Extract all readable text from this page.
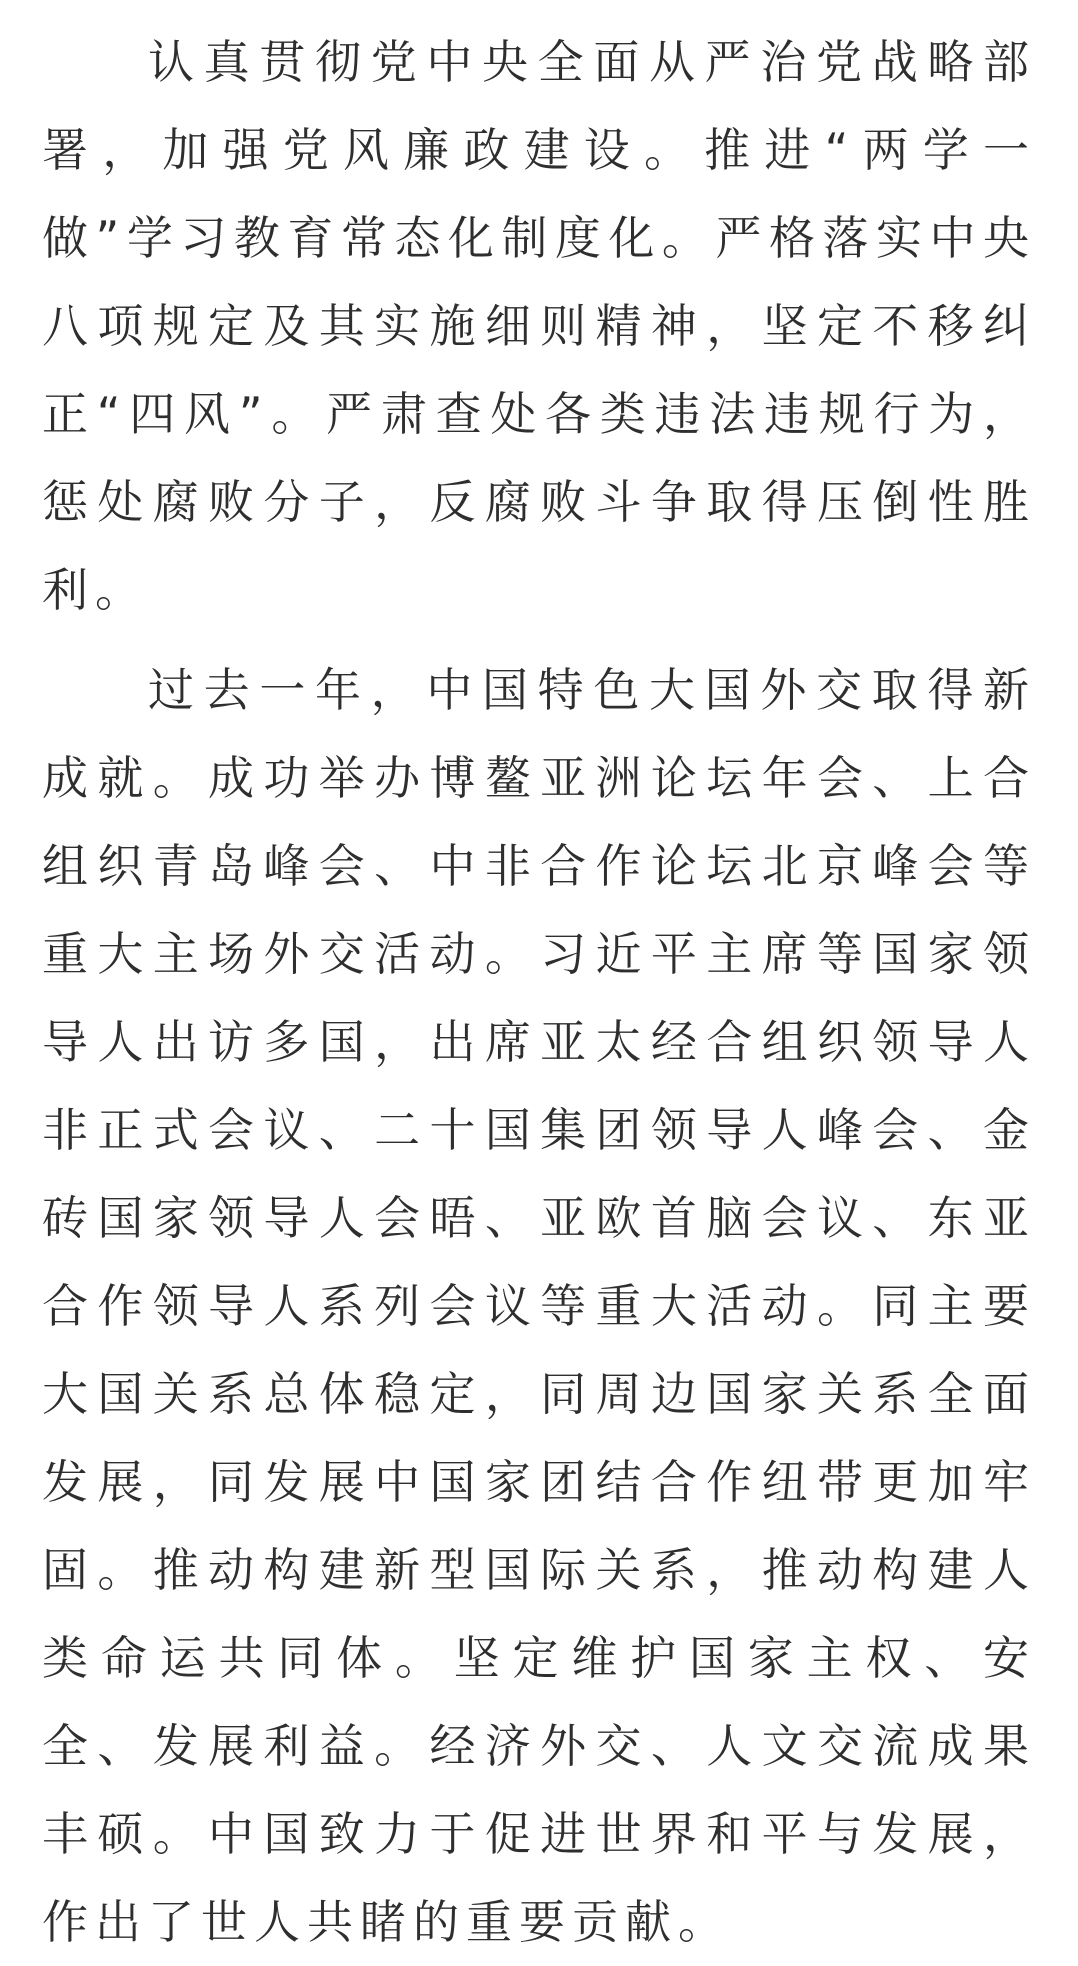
认真贯彻党中央全面从严治党战略部署，加强党风廉政建设。推进“两学一做”学习教育常态化制度化。严格落实中央八项规定及其实施细则精神，坚定不移纠正“四风”。严肃查处各类违法违规行为，惩处腐败分子，反腐败斗争取得压倒性胜利。

过去一年，中国特色大国外交取得新成就。成功举办博鳌亚洲论坛年会、上合组织青岛峰会、中非合作论坛北京峰会等重大主场外交活动。习近平主席等国家领导人出访多国，出席亚太经合组织领导人非正式会议、二十国集团领导人峰会、金砖国家领导人会晤、亚欧首脑会议、东亚合作领导人系列会议等重大活动。同主要大国关系总体稳定，同周边国家关系全面发展，同发展中国家团结合作纽带更加牢固。推动构建新型国际关系，推动构建人类命运共同体。坚定维护国家主权、安全、发展利益。经济外交、人文交流成果丰硕。中国致力于促进世界和平与发展，作出了世人共睹的重要贡献。
